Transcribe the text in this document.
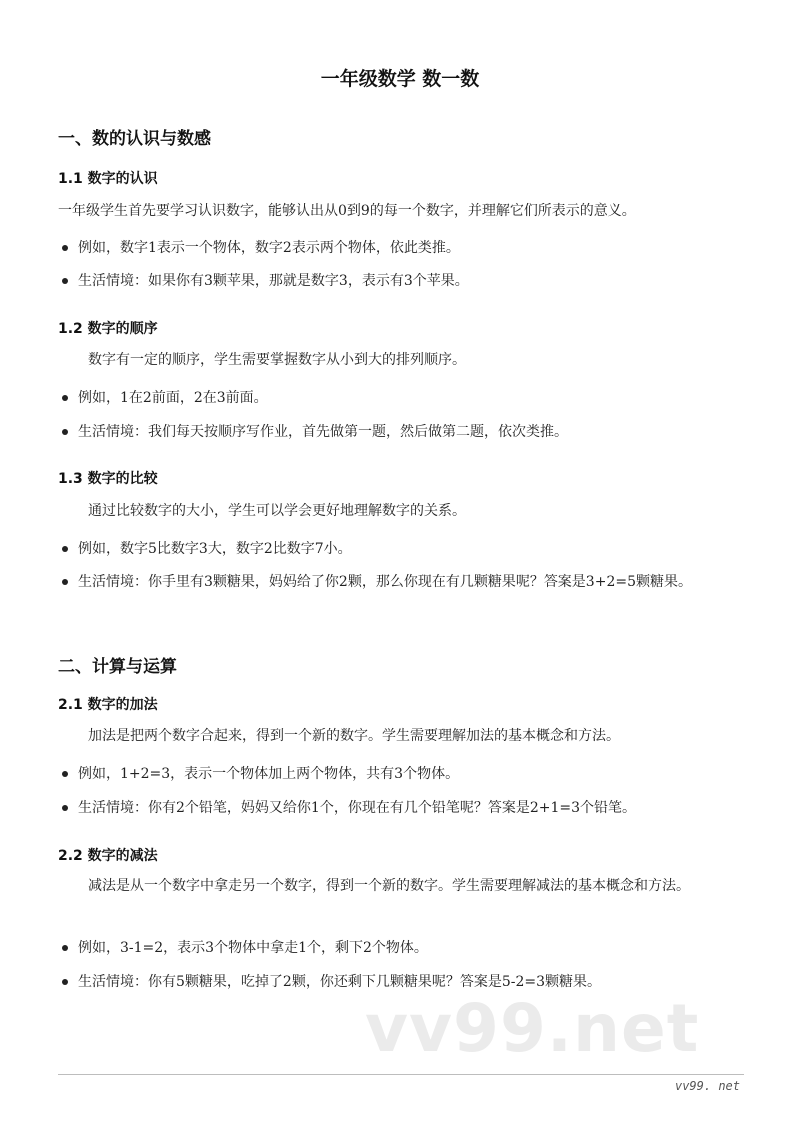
一年级数学 数一数
一、数的认识与数感
1.1 数字的认识
一年级学生首先要学习认识数字，能够认出从0到9的每一个数字，并理解它们所表示的意义。
例如，数字1表示一个物体，数字2表示两个物体，依此类推。
生活情境：如果你有3颗苹果，那就是数字3，表示有3个苹果。
1.2 数字的顺序
数字有一定的顺序，学生需要掌握数字从小到大的排列顺序。
例如，1在2前面，2在3前面。
生活情境：我们每天按顺序写作业，首先做第一题，然后做第二题，依次类推。
1.3 数字的比较
通过比较数字的大小，学生可以学会更好地理解数字的关系。
例如，数字5比数字3大，数字2比数字7小。
生活情境：你手里有3颗糖果，妈妈给了你2颗，那么你现在有几颗糖果呢？答案是3+2=5颗糖果。
二、计算与运算
2.1 数字的加法
加法是把两个数字合起来，得到一个新的数字。学生需要理解加法的基本概念和方法。
例如，1+2=3，表示一个物体加上两个物体，共有3个物体。
生活情境：你有2个铅笔，妈妈又给你1个，你现在有几个铅笔呢？答案是2+1=3个铅笔。
2.2 数字的减法
减法是从一个数字中拿走另一个数字，得到一个新的数字。学生需要理解减法的基本概念和方法。
例如，3-1=2，表示3个物体中拿走1个，剩下2个物体。
生活情境：你有5颗糖果，吃掉了2颗，你还剩下几颗糖果呢？答案是5-2=3颗糖果。
vv99.net
vv99. net
